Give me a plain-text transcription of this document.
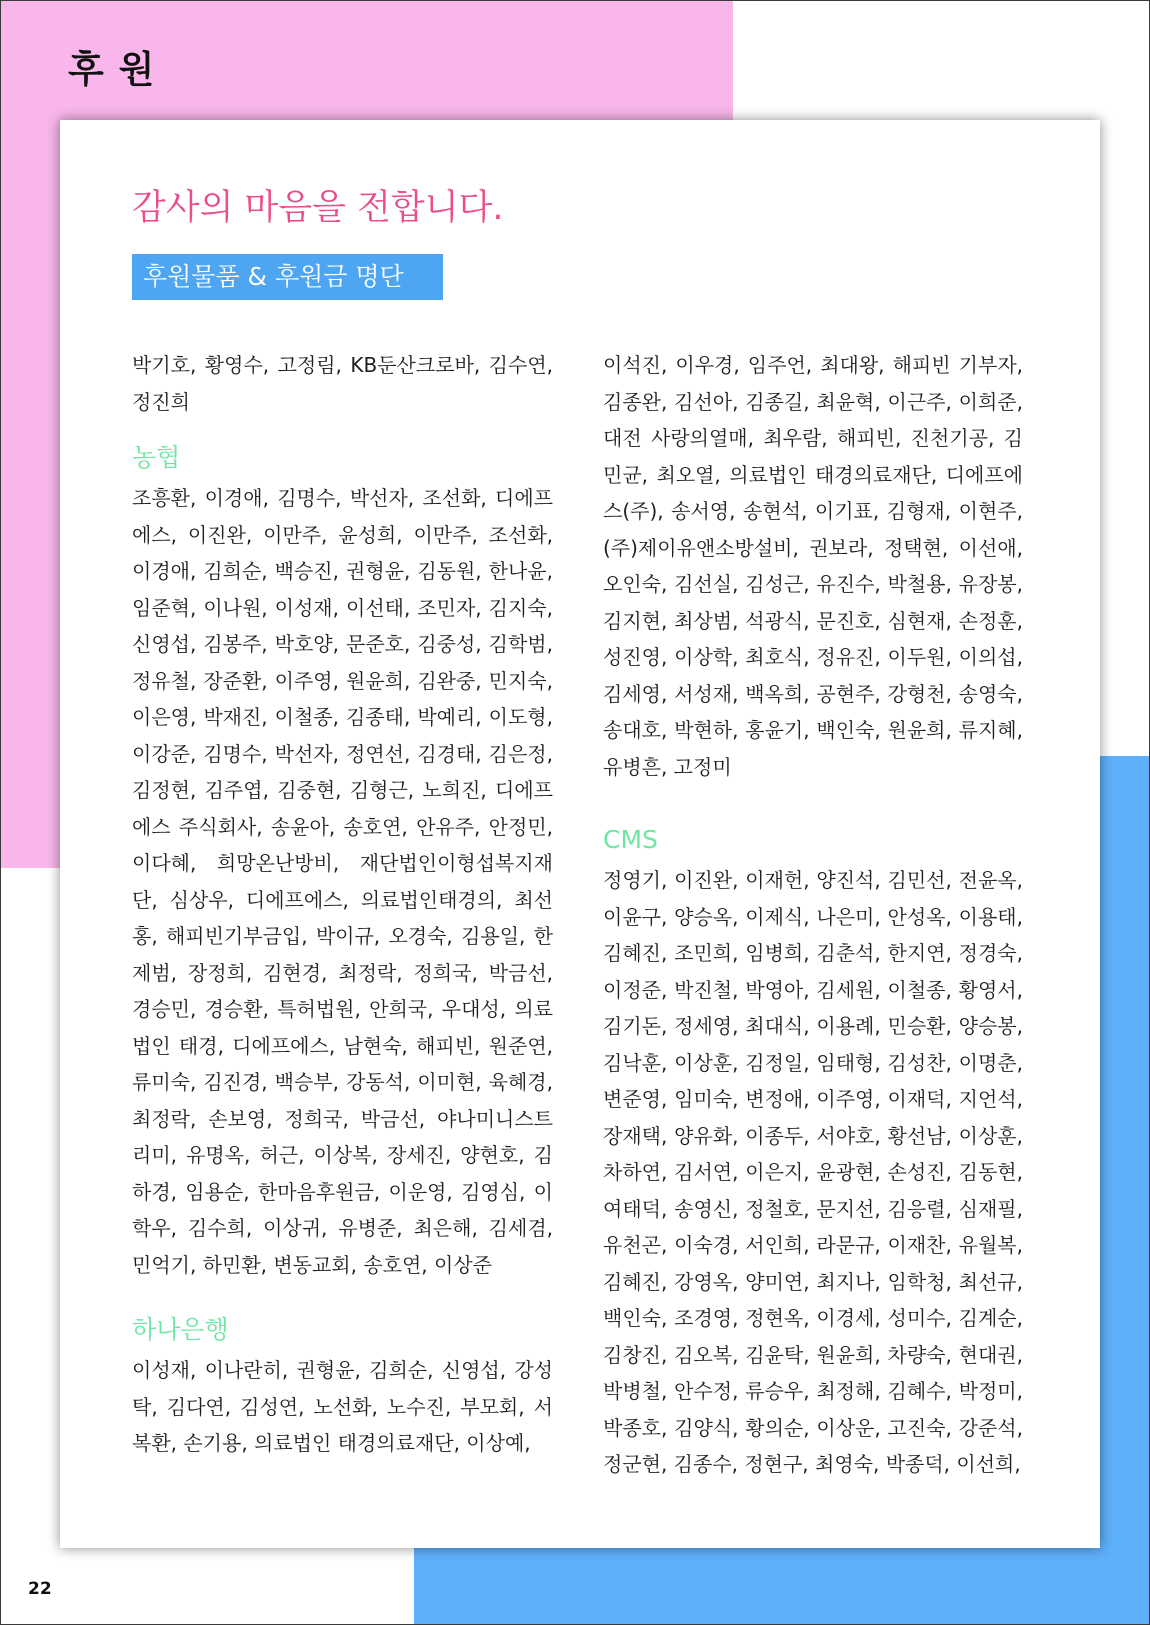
후 원
감사의 마음을 전합니다.
후원물품 & 후원금 명단
박기호, 황영수, 고정림, KB둔산크로바, 김수연,
정진희
농협
조흥환, 이경애, 김명수, 박선자, 조선화, 디에프
에스, 이진완, 이만주, 윤성희, 이만주, 조선화,
이경애, 김희순, 백승진, 권형윤, 김동원, 한나윤,
임준혁, 이나원, 이성재, 이선태, 조민자, 김지숙,
신영섭, 김봉주, 박호양, 문준호, 김중성, 김학범,
정유철, 장준환, 이주영, 원윤희, 김완중, 민지숙,
이은영, 박재진, 이철종, 김종태, 박예리, 이도형,
이강준, 김명수, 박선자, 정연선, 김경태, 김은정,
김정현, 김주엽, 김중현, 김형근, 노희진, 디에프
에스 주식회사, 송윤아, 송호연, 안유주, 안정민,
이다혜, 희망온난방비, 재단법인이형섭복지재
단, 심상우, 디에프에스, 의료법인태경의, 최선
홍, 해피빈기부금입, 박이규, 오경숙, 김용일, 한
제범, 장정희, 김현경, 최정락, 정희국, 박금선,
경승민, 경승환, 특허법원, 안희국, 우대성, 의료
법인 태경, 디에프에스, 남현숙, 해피빈, 원준연,
류미숙, 김진경, 백승부, 강동석, 이미현, 육혜경,
최정락, 손보영, 정희국, 박금선, 야나미니스트
리미, 유명옥, 허근, 이상복, 장세진, 양현호, 김
하경, 임용순, 한마음후원금, 이운영, 김영심, 이
학우, 김수희, 이상귀, 유병준, 최은해, 김세겸,
민억기, 하민환, 변동교회, 송호연, 이상준
하나은행
이성재, 이나란히, 권형윤, 김희순, 신영섭, 강성
탁, 김다연, 김성연, 노선화, 노수진, 부모회, 서
복환, 손기용, 의료법인 태경의료재단, 이상예,
이석진, 이우경, 임주언, 최대왕, 해피빈 기부자,
김종완, 김선아, 김종길, 최윤혁, 이근주, 이희준,
대전 사랑의열매, 최우람, 해피빈, 진천기공, 김
민균, 최오열, 의료법인 태경의료재단, 디에프에
스(주), 송서영, 송현석, 이기표, 김형재, 이현주,
(주)제이유앤소방설비, 권보라, 정택현, 이선애,
오인숙, 김선실, 김성근, 유진수, 박철용, 유장봉,
김지현, 최상범, 석광식, 문진호, 심현재, 손정훈,
성진영, 이상학, 최호식, 정유진, 이두원, 이의섭,
김세영, 서성재, 백옥희, 공현주, 강형천, 송영숙,
송대호, 박현하, 홍윤기, 백인숙, 원윤희, 류지혜,
유병흔, 고정미
CMS
정영기, 이진완, 이재헌, 양진석, 김민선, 전윤옥,
이윤구, 양승옥, 이제식, 나은미, 안성옥, 이용태,
김혜진, 조민희, 임병희, 김춘석, 한지연, 정경숙,
이정준, 박진철, 박영아, 김세원, 이철종, 황영서,
김기돈, 정세영, 최대식, 이용례, 민승환, 양승봉,
김낙훈, 이상훈, 김정일, 임태형, 김성찬, 이명춘,
변준영, 임미숙, 변정애, 이주영, 이재덕, 지언석,
장재택, 양유화, 이종두, 서야호, 황선남, 이상훈,
차하연, 김서연, 이은지, 윤광현, 손성진, 김동현,
여태덕, 송영신, 정철호, 문지선, 김응렬, 심재필,
유천곤, 이숙경, 서인희, 라문규, 이재찬, 유월복,
김혜진, 강영옥, 양미연, 최지나, 임학청, 최선규,
백인숙, 조경영, 정현옥, 이경세, 성미수, 김계순,
김창진, 김오복, 김윤탁, 원윤희, 차량숙, 현대권,
박병철, 안수정, 류승우, 최정해, 김혜수, 박정미,
박종호, 김양식, 황의순, 이상운, 고진숙, 강준석,
정군현, 김종수, 정현구, 최영숙, 박종덕, 이선희,
22
